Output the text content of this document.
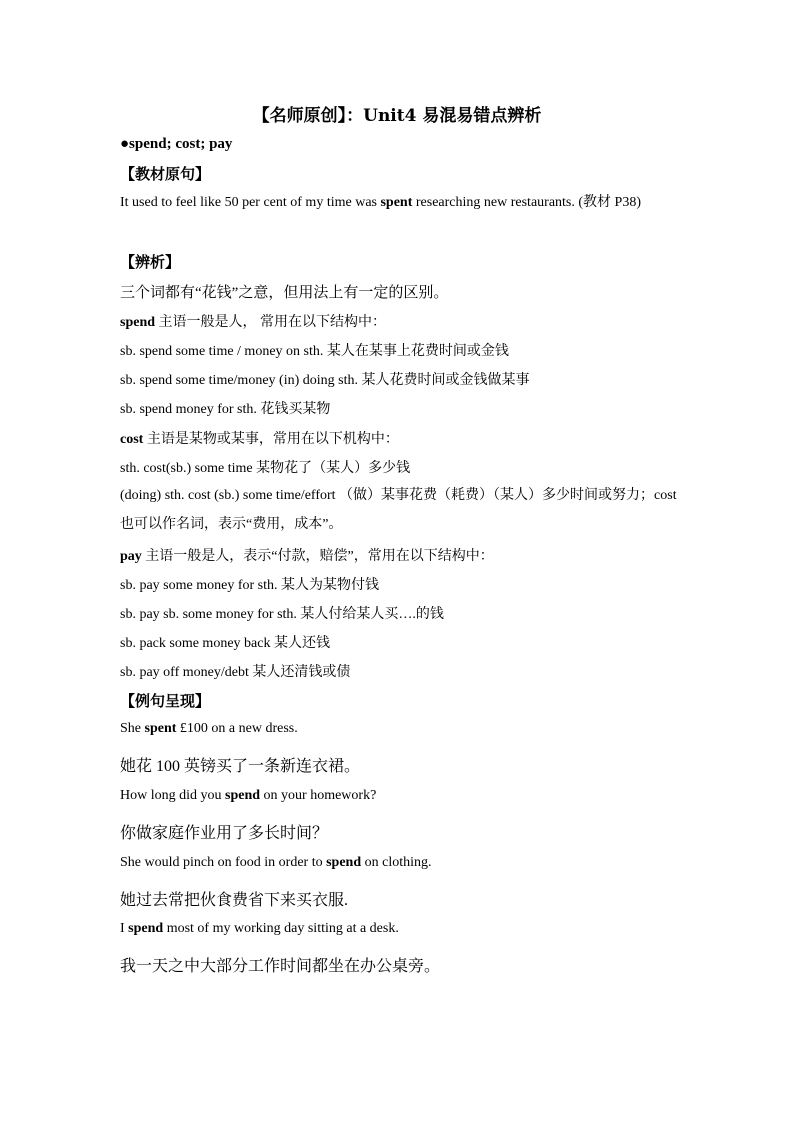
【名师原创】：Unit4 易混易错点辨析
●spend; cost; pay
【教材原句】
It used to feel like 50 per cent of my time was spent researching new restaurants. (教材 P38)
【辨析】
三个词都有“花钱”之意，但用法上有一定的区别。
spend 主语一般是人， 常用在以下结构中：
sb. spend some time / money on sth. 某人在某事上花费时间或金钱
sb. spend some time/money (in) doing sth. 某人花费时间或金钱做某事
sb. spend money for sth. 花钱买某物
cost 主语是某物或某事，常用在以下机构中：
sth. cost(sb.) some time 某物花了（某人）多少钱
(doing) sth. cost (sb.) some time/effort （做）某事花费（耗费）（某人）多少时间或努力；cost 也可以作名词，表示“费用，成本”。
pay 主语一般是人，表示“付款，赔偿”，常用在以下结构中：
sb. pay some money for sth. 某人为某物付钱
sb. pay sb. some money for sth. 某人付给某人买….的钱
sb. pack some money back 某人还钱
sb. pay off money/debt 某人还清钱或债
【例句呈现】
She spent £100 on a new dress.
她花 100 英镑买了一条新连衣裙。
How long did you spend on your homework?
你做家庭作业用了多长时间？
She would pinch on food in order to spend on clothing.
她过去常把伙食费省下来买衣服.
I spend most of my working day sitting at a desk.
我一天之中大部分工作时间都坐在办公桌旁。
